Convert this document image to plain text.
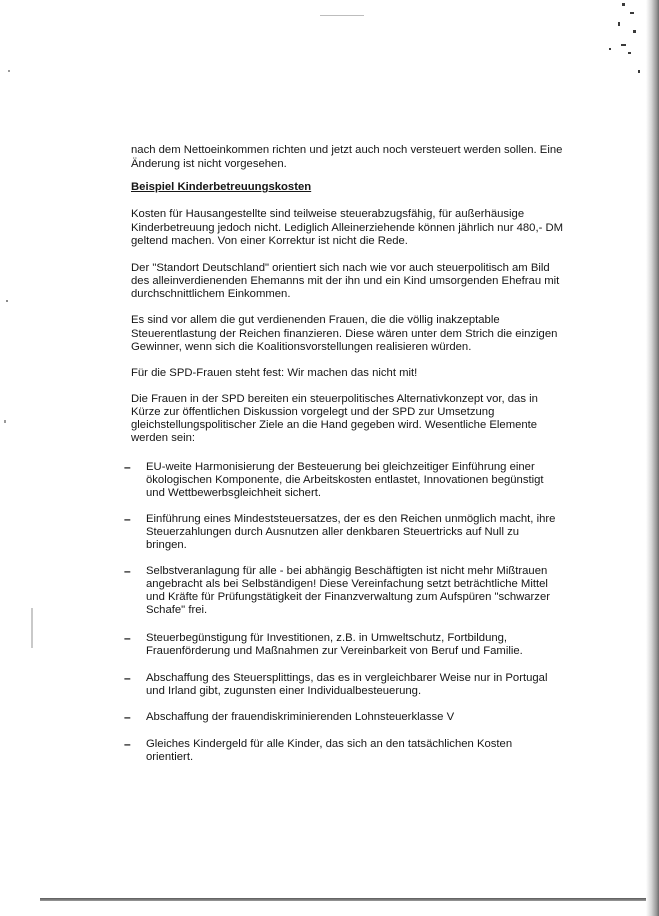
nach dem Nettoeinkommen richten und jetzt auch noch versteuert werden sollen. Eine
Änderung ist nicht vorgesehen.
Beispiel Kinderbetreuungskosten
Kosten für Hausangestellte sind teilweise steuerabzugsfähig, für außerhäusige
Kinderbetreuung jedoch nicht. Lediglich Alleinerziehende können jährlich nur 480,- DM
geltend machen. Von einer Korrektur ist nicht die Rede.
Der "Standort Deutschland" orientiert sich nach wie vor auch steuerpolitisch am Bild
des alleinverdienenden Ehemanns mit der ihn und ein Kind umsorgenden Ehefrau mit
durchschnittlichem Einkommen.
Es sind vor allem die gut verdienenden Frauen, die die völlig inakzeptable
Steuerentlastung der Reichen finanzieren. Diese wären unter dem Strich die einzigen
Gewinner, wenn sich die Koalitionsvorstellungen realisieren würden.
Für die SPD-Frauen steht fest: Wir machen das nicht mit!
Die Frauen in der SPD bereiten ein steuerpolitisches Alternativkonzept vor, das in
Kürze zur öffentlichen Diskussion vorgelegt und der SPD zur Umsetzung
gleichstellungspolitischer Ziele an die Hand gegeben wird. Wesentliche Elemente
werden sein:
– EU-weite Harmonisierung der Besteuerung bei gleichzeitiger Einführung einer
ökologischen Komponente, die Arbeitskosten entlastet, Innovationen begünstigt
und Wettbewerbsgleichheit sichert.
– Einführung eines Mindeststeuersatzes, der es den Reichen unmöglich macht, ihre
Steuerzahlungen durch Ausnutzen aller denkbaren Steuertricks auf Null zu
bringen.
– Selbstveranlagung für alle - bei abhängig Beschäftigten ist nicht mehr Mißtrauen
angebracht als bei Selbständigen! Diese Vereinfachung setzt beträchtliche Mittel
und Kräfte für Prüfungstätigkeit der Finanzverwaltung zum Aufspüren "schwarzer
Schafe" frei.
– Steuerbegünstigung für Investitionen, z.B. in Umweltschutz, Fortbildung,
Frauenförderung und Maßnahmen zur Vereinbarkeit von Beruf und Familie.
– Abschaffung des Steuersplittings, das es in vergleichbarer Weise nur in Portugal
und Irland gibt, zugunsten einer Individualbesteuerung.
– Abschaffung der frauendiskriminierenden Lohnsteuerklasse V
– Gleiches Kindergeld für alle Kinder, das sich an den tatsächlichen Kosten
orientiert.
